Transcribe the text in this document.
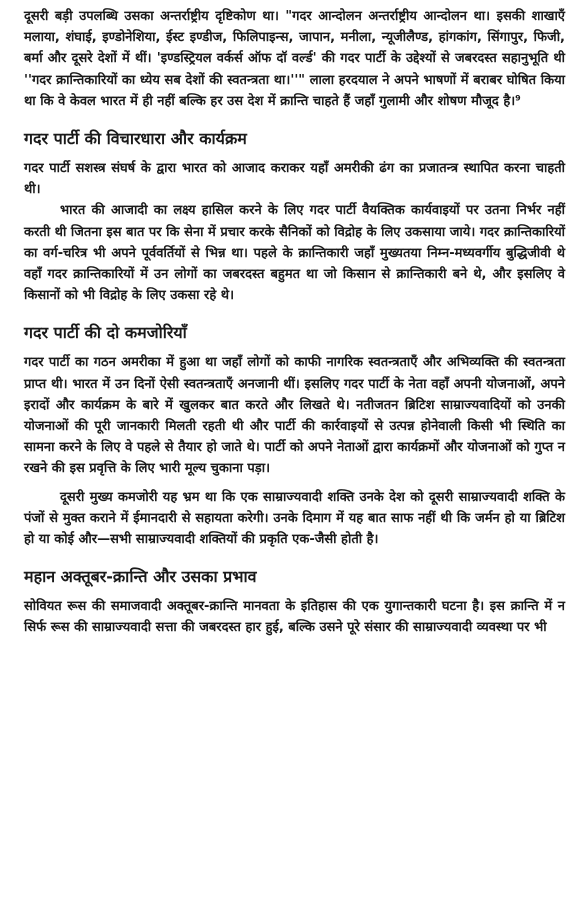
दूसरी बड़ी उपलब्धि उसका अन्तर्राष्ट्रीय दृष्टिकोण था। "गदर आन्दोलन अन्तर्राष्ट्रीय आन्दोलन था। इसकी शाखाएँ मलाया, शंघाई, इण्डोनेशिया, ईस्ट इण्डीज, फिलिपाइन्स, जापान, मनीला, न्यूजीलैण्ड, हांगकांग, सिंगापुर, फिजी, बर्मा और दूसरे देशों में थीं। 'इण्डस्ट्रियल वर्कर्स ऑफ दॉ वर्ल्ड' की गदर पार्टी के उद्देश्यों से जबरदस्त सहानुभूति थी ''गदर क्रान्तिकारियों का ध्येय सब देशों की स्वतन्त्रता था।''" लाला हरदयाल ने अपने भाषणों में बराबर घोषित किया था कि वे केवल भारत में ही नहीं बल्कि हर उस देश में क्रान्ति चाहते हैं जहाँ गुलामी और शोषण मौजूद है।⁹

गदर पार्टी की विचारधारा और कार्यक्रम

गदर पार्टी सशस्त्र संघर्ष के द्वारा भारत को आजाद कराकर यहाँ अमरीकी ढंग का प्रजातन्त्र स्थापित करना चाहती थी।

भारत की आजादी का लक्ष्य हासिल करने के लिए गदर पार्टी वैयक्तिक कार्यवाइयों पर उतना निर्भर नहीं करती थी जितना इस बात पर कि सेना में प्रचार करके सैनिकों को विद्रोह के लिए उकसाया जाये। गदर क्रान्तिकारियों का वर्ग-चरित्र भी अपने पूर्ववर्तियों से भिन्न था। पहले के क्रान्तिकारी जहाँ मुख्यतया निम्न-मध्यवर्गीय बुद्धिजीवी थे वहाँ गदर क्रान्तिकारियों में उन लोगों का जबरदस्त बहुमत था जो किसान से क्रान्तिकारी बने थे, और इसलिए वे किसानों को भी विद्रोह के लिए उकसा रहे थे।

गदर पार्टी की दो कमजोरियाँ

गदर पार्टी का गठन अमरीका में हुआ था जहाँ लोगों को काफी नागरिक स्वतन्त्रताएँ और अभिव्यक्ति की स्वतन्त्रता प्राप्त थी। भारत में उन दिनों ऐसी स्वतन्त्रताएँ अनजानी थीं। इसलिए गदर पार्टी के नेता वहाँ अपनी योजनाओं, अपने इरादों और कार्यक्रम के बारे में खुलकर बात करते और लिखते थे। नतीजतन ब्रिटिश साम्राज्यवादियों को उनकी योजनाओं की पूरी जानकारी मिलती रहती थी और पार्टी की कार्रवाइयों से उत्पन्न होनेवाली किसी भी स्थिति का सामना करने के लिए वे पहले से तैयार हो जाते थे। पार्टी को अपने नेताओं द्वारा कार्यक्रमों और योजनाओं को गुप्त न रखने की इस प्रवृत्ति के लिए भारी मूल्य चुकाना पड़ा।

दूसरी मुख्य कमजोरी यह भ्रम था कि एक साम्राज्यवादी शक्ति उनके देश को दूसरी साम्राज्यवादी शक्ति के पंजों से मुक्त कराने में ईमानदारी से सहायता करेगी। उनके दिमाग में यह बात साफ नहीं थी कि जर्मन हो या ब्रिटिश हो या कोई और—सभी साम्राज्यवादी शक्तियों की प्रकृति एक-जैसी होती है।

महान अक्तूबर-क्रान्ति और उसका प्रभाव

सोवियत रूस की समाजवादी अक्तूबर-क्रान्ति मानवता के इतिहास की एक युगान्तकारी घटना है। इस क्रान्ति में न सिर्फ रूस की साम्राज्यवादी सत्ता की जबरदस्त हार हुई, बल्कि उसने पूरे संसार की साम्राज्यवादी व्यवस्था पर भी
